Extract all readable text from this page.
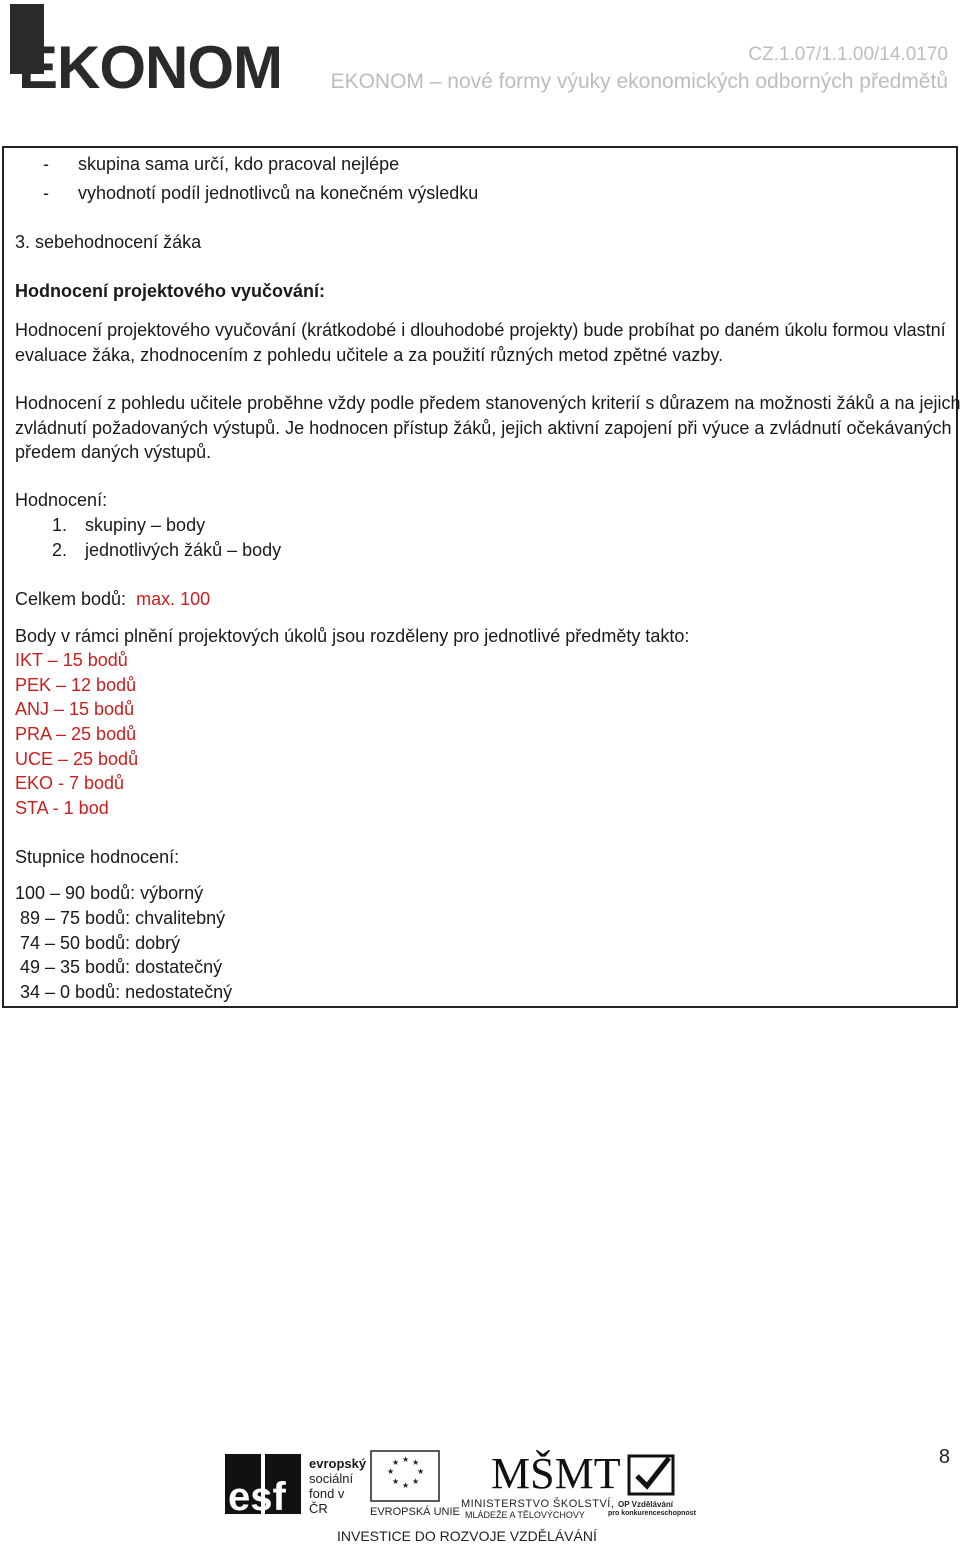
EKONOM	CZ.1.07/1.1.00/14.0170
EKONOM – nové formy výuky ekonomických odborných předmětů
- skupina sama určí, kdo pracoval nejlépe
- vyhodnotí podíl jednotlivců na konečném výsledku
3. sebehodnocení žáka
Hodnocení projektového vyučování:
Hodnocení projektového vyučování (krátkodobé i dlouhodobé projekty) bude probíhat po daném úkolu formou vlastní
evaluace žáka, zhodnocením z pohledu učitele a za použití různých metod zpětné vazby.
Hodnocení z pohledu učitele proběhne vždy podle předem stanovených kriterií s důrazem na možnosti žáků a na jejich
zvládnutí požadovaných výstupů. Je hodnocen přístup žáků, jejich aktivní zapojení při výuce a zvládnutí očekávaných
předem daných výstupů.
Hodnocení:
1. skupiny – body
2. jednotlivých žáků – body
Celkem bodů: max. 100
Body v rámci plnění projektových úkolů jsou rozděleny pro jednotlivé předměty takto:
IKT – 15 bodů
PEK – 12 bodů
ANJ – 15 bodů
PRA – 25 bodů
UCE – 25 bodů
EKO - 7 bodů
STA - 1 bod
Stupnice hodnocení:
100 – 90 bodů: výborný
89 – 75 bodů: chvalitebný
74 – 50 bodů: dobrý
49 – 35 bodů: dostatečný
34 – 0 bodů: nedostatečný
8
esf
evropský
sociální
fond v ČR
★ ★
★
★
★
★
★
★
EVROPSKÁ UNIE
MŠMT
MINISTERSTVO ŠKOLSTVÍ,
MLÁDEŽE A TĚLOVÝCHOVY
OP Vzdělávání
pro konkurenceschopnost
INVESTICE DO ROZVOJE VZDĚLÁVÁNÍ
